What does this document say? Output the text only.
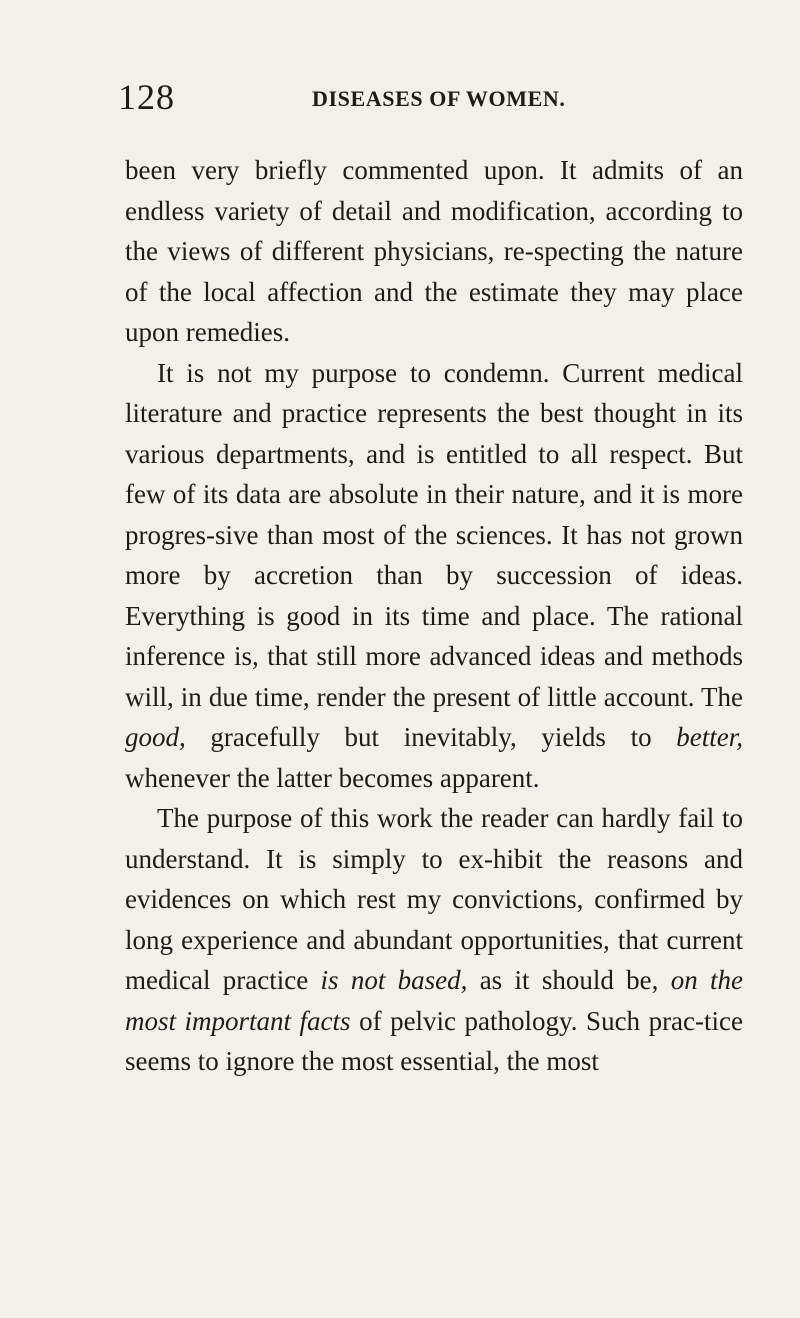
128	DISEASES OF WOMEN.

been very briefly commented upon. It admits of an endless variety of detail and modification, according to the views of different physicians, re-specting the nature of the local affection and the estimate they may place upon remedies.

It is not my purpose to condemn. Current medical literature and practice represents the best thought in its various departments, and is entitled to all respect. But few of its data are absolute in their nature, and it is more progres-sive than most of the sciences. It has not grown more by accretion than by succession of ideas. Everything is good in its time and place. The rational inference is, that still more advanced ideas and methods will, in due time, render the present of little account. The good, gracefully but inevitably, yields to better, whenever the latter becomes apparent.

The purpose of this work the reader can hardly fail to understand. It is simply to ex-hibit the reasons and evidences on which rest my convictions, confirmed by long experience and abundant opportunities, that current medical practice is not based, as it should be, on the most important facts of pelvic pathology. Such prac-tice seems to ignore the most essential, the most
